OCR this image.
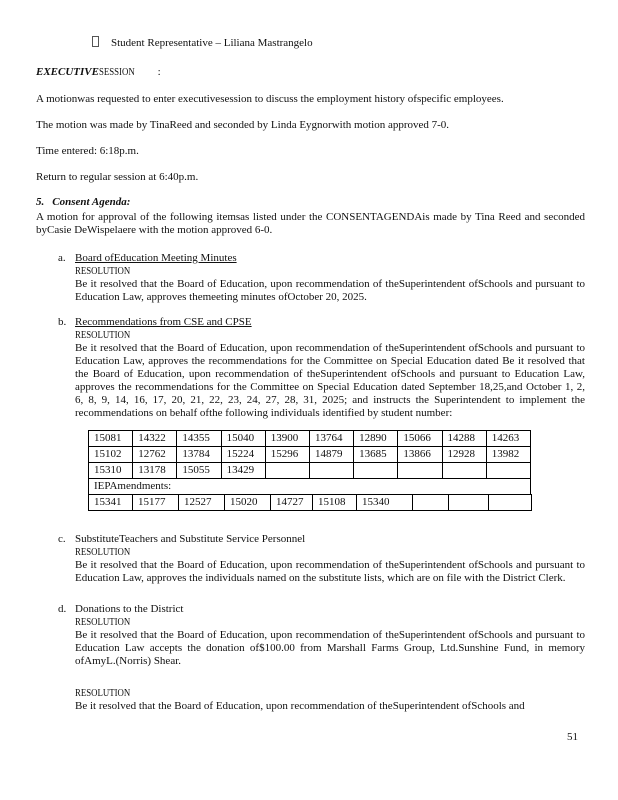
Student Representative – Liliana Mastrangelo
EXECUTIVESESSION :

A motionwas requested to enter executivesession to discuss the employment history ofspecific employees.

The motion was made by TinaReed and seconded by Linda Eygnorwith motion approved 7-0.

Time entered: 6:18p.m.

Return to regular session at 6:40p.m.

5. Consent Agenda:
A motion for approval of the following itemsas listed under the CONSENTAGENDAis made by Tina Reed and seconded byCasie DeWispelaere with the motion approved 6-0.
a. Board ofEducation Meeting Minutes
RESOLUTION
Be it resolved that the Board of Education, upon recommendation of theSuperintendent ofSchools and pursuant to Education Law, approves themeeting minutes ofOctober 20, 2025.
b. Recommendations from CSE and CPSE
RESOLUTION
Be it resolved that the Board of Education, upon recommendation of theSuperintendent ofSchools and pursuant to Education Law, approves the recommendations for the Committee on Special Education dated Be it resolved that the Board of Education, upon recommendation of theSuperintendent ofSchools and pursuant to Education Law, approves the recommendations for the Committee on Special Education dated September 18,25,and October 1, 2, 6, 8, 9, 14, 16, 17, 20, 21, 22, 23, 24, 27, 28, 31, 2025; and instructs the Superintendent to implement the recommendations on behalf ofthe following individuals identified by student number:
15081	14322	14355	15040	13900	13764	12890	15066	14288	14263
15102	12762	13784	15224	15296	14879	13685	13866	12928	13982
15310	13178	15055	13429						
IEPAmendments:									
15341	15177	12527	15020	14727	15108	15340			
c. SubstituteTeachers and Substitute Service Personnel
RESOLUTION
Be it resolved that the Board of Education, upon recommendation of theSuperintendent ofSchools and pursuant to Education Law, approves the individuals named on the substitute lists, which are on file with the District Clerk.
d. Donations to the District
RESOLUTION
Be it resolved that the Board of Education, upon recommendation of theSuperintendent ofSchools and pursuant to Education Law accepts the donation of$100.00 from Marshall Farms Group, Ltd.Sunshine Fund, in memory ofAmyL.(Norris) Shear.
RESOLUTION
Be it resolved that the Board of Education, upon recommendation of theSuperintendent ofSchools and
51
